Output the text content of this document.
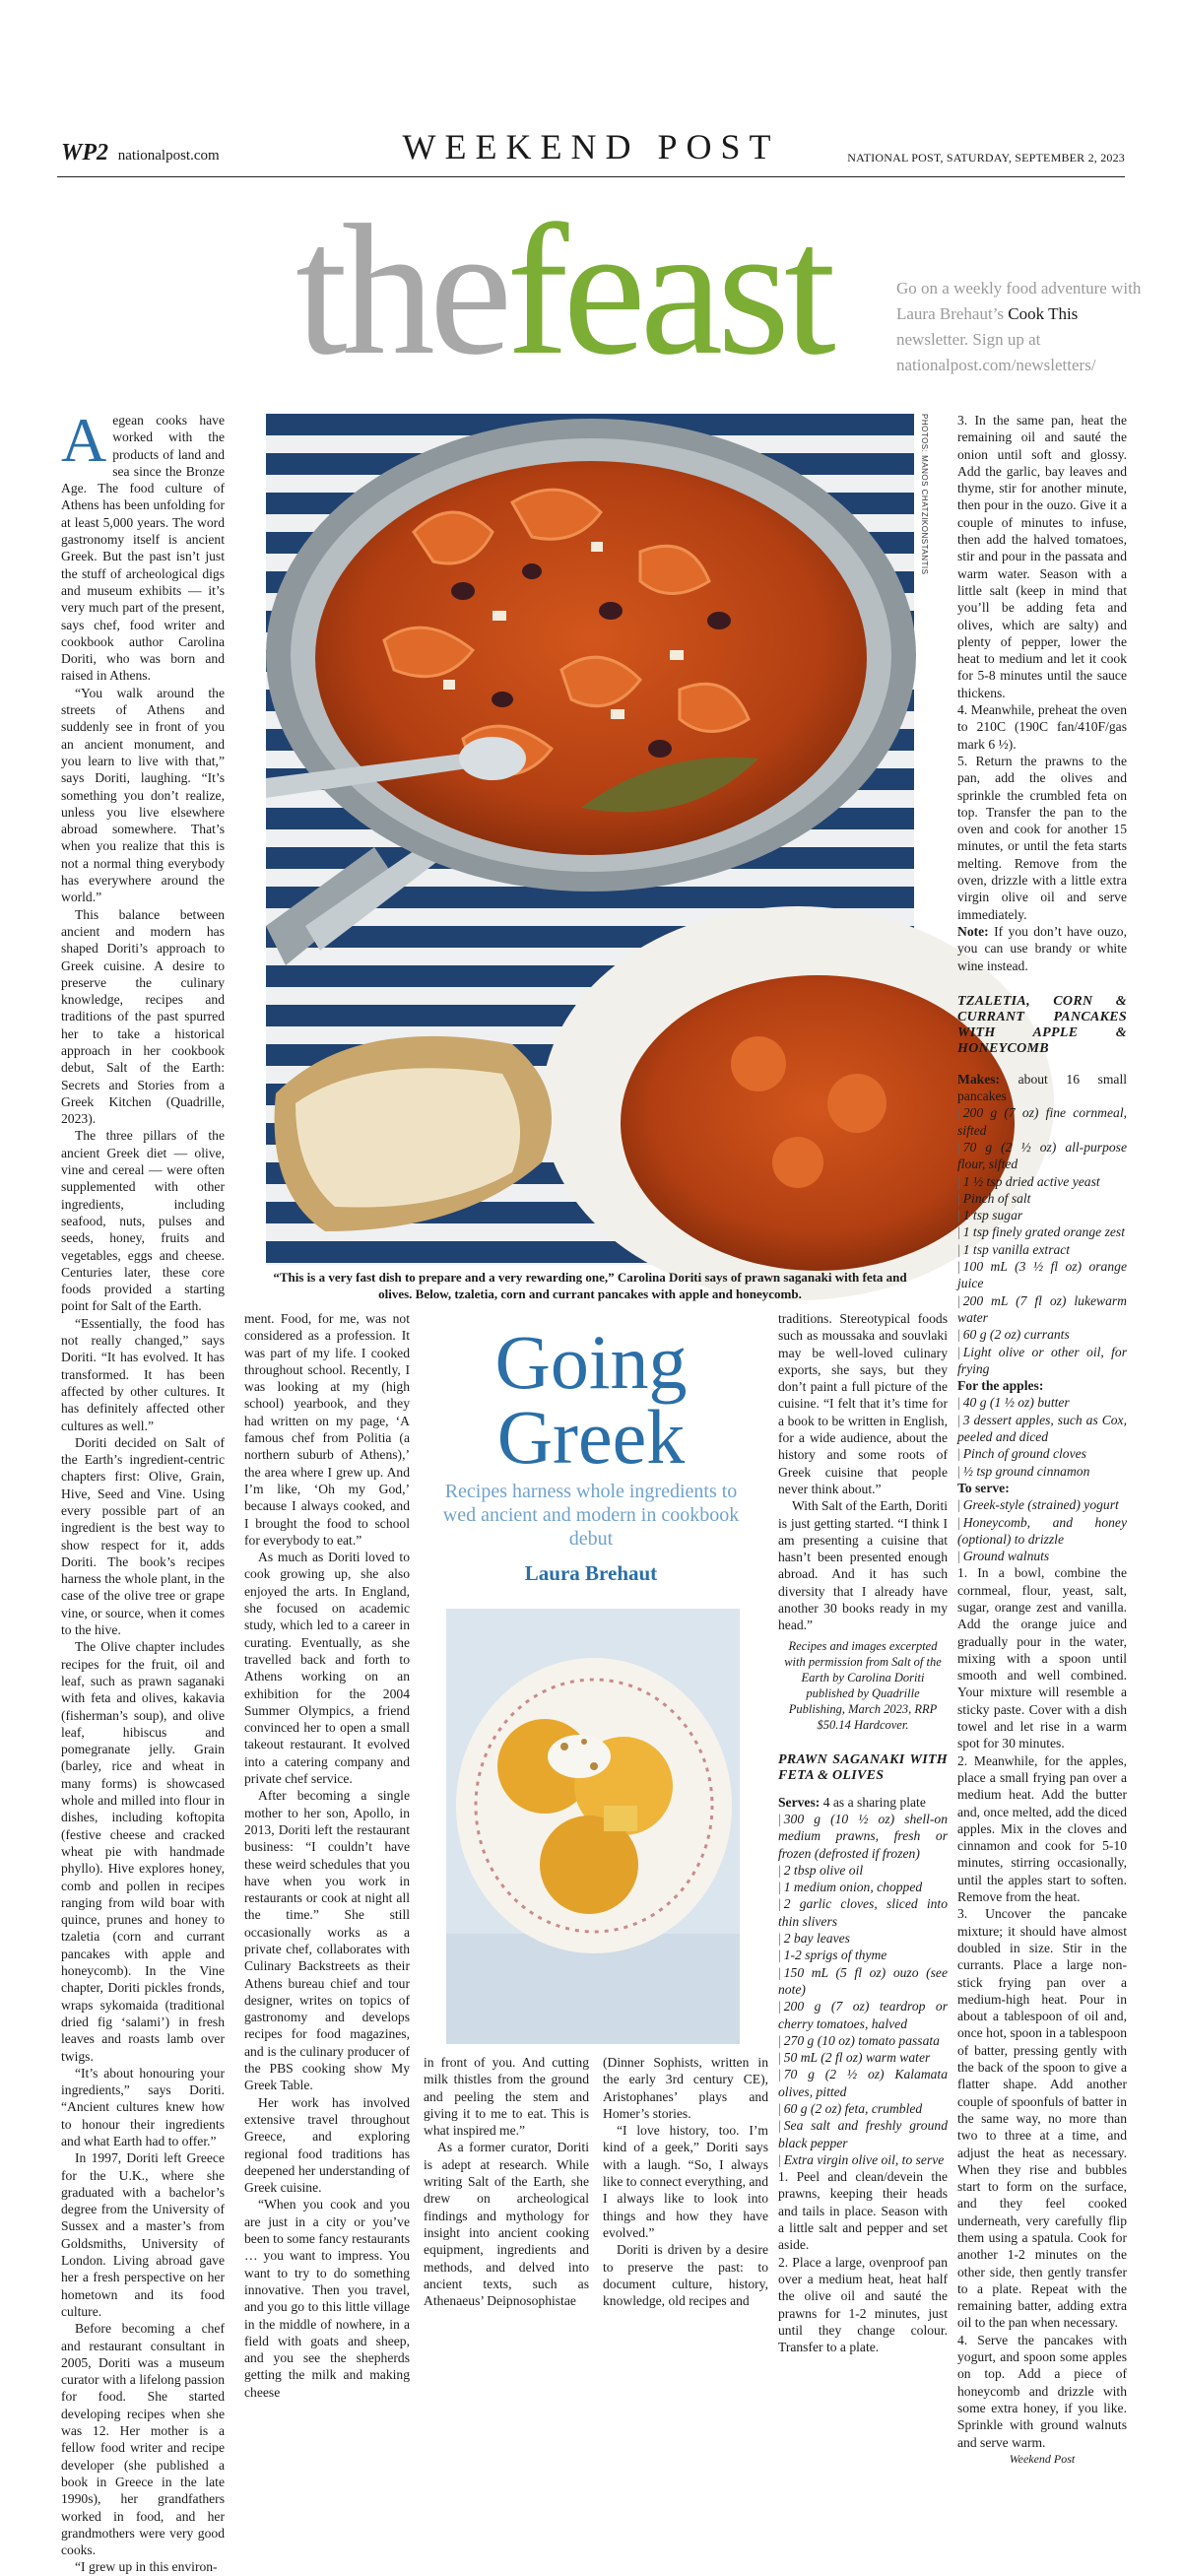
WP2 nationalpost.com	WEEKEND POST	NATIONAL POST, SATURDAY, SEPTEMBER 2, 2023
thefeast	Go on a weekly food adventure with Laura Brehaut’s Cook This newsletter. Sign up at nationalpost.com/newsletters/
PHOTOS: MANOS CHATZIKONSTANTIS
“This is a very fast dish to prepare and a very rewarding one,” Carolina Doriti says of prawn saganaki with feta and olives. Below, tzaletia, corn and currant pancakes with apple and honeycomb.
Going Greek
Recipes harness whole ingredients to wed ancient and modern in cookbook debut
Laura Brehaut

Aegean cooks have worked with the products of land and sea since the Bronze Age. The food culture of Athens has been unfolding for at least 5,000 years. The word gastronomy itself is ancient Greek. But the past isn’t just the stuff of archeological digs and museum exhibits — it’s very much part of the present, says chef, food writer and cookbook author Carolina Doriti, who was born and raised in Athens.

“You walk around the streets of Athens and suddenly see in front of you an ancient monument, and you learn to live with that,” says Doriti, laughing. “It’s something you don’t realize, unless you live elsewhere abroad somewhere. That’s when you realize that this is not a normal thing everybody has everywhere around the world.”

This balance between ancient and modern has shaped Doriti’s approach to Greek cuisine. A desire to preserve the culinary knowledge, recipes and traditions of the past spurred her to take a historical approach in her cookbook debut, Salt of the Earth: Secrets and Stories from a Greek Kitchen (Quadrille, 2023).

The three pillars of the ancient Greek diet — olive, vine and cereal — were often supplemented with other ingredients, including seafood, nuts, pulses and seeds, honey, fruits and vegetables, eggs and cheese. Centuries later, these core foods provided a starting point for Salt of the Earth.

“Essentially, the food has not really changed,” says Doriti. “It has evolved. It has transformed. It has been affected by other cultures. It has definitely affected other cultures as well.”

Doriti decided on Salt of the Earth’s ingredient-centric chapters first: Olive, Grain, Hive, Seed and Vine. Using every possible part of an ingredient is the best way to show respect for it, adds Doriti. The book’s recipes harness the whole plant, in the case of the olive tree or grape vine, or source, when it comes to the hive.

The Olive chapter includes recipes for the fruit, oil and leaf, such as prawn saganaki with feta and olives, kakavia (fisherman’s soup), and olive leaf, hibiscus and pomegranate jelly. Grain (barley, rice and wheat in many forms) is showcased whole and milled into flour in dishes, including koftopita (festive cheese and cracked wheat pie with handmade phyllo). Hive explores honey, comb and pollen in recipes ranging from wild boar with quince, prunes and honey to tzaletia (corn and currant pancakes with apple and honeycomb). In the Vine chapter, Doriti pickles fronds, wraps sykomaida (traditional dried fig ‘salami’) in fresh leaves and roasts lamb over twigs.

“It’s about honouring your ingredients,” says Doriti. “Ancient cultures knew how to honour their ingredients and what Earth had to offer.”

In 1997, Doriti left Greece for the U.K., where she graduated with a bachelor’s degree from the University of Sussex and a master’s from Goldsmiths, University of London. Living abroad gave her a fresh perspective on her hometown and its food culture.

Before becoming a chef and restaurant consultant in 2005, Doriti was a museum curator with a lifelong passion for food. She started developing recipes when she was 12. Her mother is a fellow food writer and recipe developer (she published a book in Greece in the late 1990s), her grandfathers worked in food, and her grandmothers were very good cooks.

“I grew up in this environ-

ment. Food, for me, was not considered as a profession. It was part of my life. I cooked throughout school. Recently, I was looking at my (high school) yearbook, and they had written on my page, ‘A famous chef from Politia (a northern suburb of Athens),’ the area where I grew up. And I’m like, ‘Oh my God,’ because I always cooked, and I brought the food to school for everybody to eat.”

As much as Doriti loved to cook growing up, she also enjoyed the arts. In England, she focused on academic study, which led to a career in curating. Eventually, as she travelled back and forth to Athens working on an exhibition for the 2004 Summer Olympics, a friend convinced her to open a small takeout restaurant. It evolved into a catering company and private chef service.

After becoming a single mother to her son, Apollo, in 2013, Doriti left the restaurant business: “I couldn’t have these weird schedules that you have when you work in restaurants or cook at night all the time.” She still occasionally works as a private chef, collaborates with Culinary Backstreets as their Athens bureau chief and tour designer, writes on topics of gastronomy and develops recipes for food magazines, and is the culinary producer of the PBS cooking show My Greek Table.

Her work has involved extensive travel throughout Greece, and exploring regional food traditions has deepened her understanding of Greek cuisine.

“When you cook and you are just in a city or you’ve been to some fancy restaurants … you want to impress. You want to try to do something innovative. Then you travel, and you go to this little village in the middle of nowhere, in a field with goats and sheep, and you see the shepherds getting the milk and making cheese

in front of you. And cutting milk thistles from the ground and peeling the stem and giving it to me to eat. This is what inspired me.”

As a former curator, Doriti is adept at research. While writing Salt of the Earth, she drew on archeological findings and mythology for insight into ancient cooking equipment, ingredients and methods, and delved into ancient texts, such as Athenaeus’ Deipnosophistae

(Dinner Sophists, written in the early 3rd century CE), Aristophanes’ plays and Homer’s stories.

“I love history, too. I’m kind of a geek,” Doriti says with a laugh. “So, I always like to connect everything, and I always like to look into things and how they have evolved.”

Doriti is driven by a desire to preserve the past: to document culture, history, knowledge, old recipes and

traditions. Stereotypical foods such as moussaka and souvlaki may be well-loved culinary exports, she says, but they don’t paint a full picture of the cuisine. “I felt that it’s time for a book to be written in English, for a wide audience, about the history and some roots of Greek cuisine that people never think about.”

With Salt of the Earth, Doriti is just getting started. “I think I am presenting a cuisine that hasn’t been presented enough abroad. And it has such diversity that I already have another 30 books ready in my head.”

Recipes and images excerpted with permission from Salt of the Earth by Carolina Doriti published by Quadrille Publishing, March 2023, RRP $50.14 Hardcover.

PRAWN SAGANAKI WITH FETA & OLIVES

Serves: 4 as a sharing plate

| 300 g (10 ½ oz) shell-on medium prawns, fresh or frozen (defrosted if frozen)

| 2 tbsp olive oil

| 1 medium onion, chopped

| 2 garlic cloves, sliced into thin slivers

| 2 bay leaves

| 1-2 sprigs of thyme

| 150 mL (5 fl oz) ouzo (see note)

| 200 g (7 oz) teardrop or cherry tomatoes, halved

| 270 g (10 oz) tomato passata

| 50 mL (2 fl oz) warm water

| 70 g (2 ½ oz) Kalamata olives, pitted

| 60 g (2 oz) feta, crumbled

| Sea salt and freshly ground black pepper

| Extra virgin olive oil, to serve

1. Peel and clean/devein the prawns, keeping their heads and tails in place. Season with a little salt and pepper and set aside.

2. Place a large, ovenproof pan over a medium heat, heat half the olive oil and sauté the prawns for 1-2 minutes, just until they change colour. Transfer to a plate.

3. In the same pan, heat the remaining oil and sauté the onion until soft and glossy. Add the garlic, bay leaves and thyme, stir for another minute, then pour in the ouzo. Give it a couple of minutes to infuse, then add the halved tomatoes, stir and pour in the passata and warm water. Season with a little salt (keep in mind that you’ll be adding feta and olives, which are salty) and plenty of pepper, lower the heat to medium and let it cook for 5-8 minutes until the sauce thickens.

4. Meanwhile, preheat the oven to 210C (190C fan/410F/gas mark 6 ½).

5. Return the prawns to the pan, add the olives and sprinkle the crumbled feta on top. Transfer the pan to the oven and cook for another 15 minutes, or until the feta starts melting. Remove from the oven, drizzle with a little extra virgin olive oil and serve immediately.

Note: If you don’t have ouzo, you can use brandy or white wine instead.

TZALETIA, CORN & CURRANT PANCAKES WITH APPLE & HONEYCOMB

Makes: about 16 small pancakes

| 200 g (7 oz) fine cornmeal, sifted

| 70 g (2 ½ oz) all-purpose flour, sifted

| 1 ½ tsp dried active yeast

| Pinch of salt

| 1 tsp sugar

| 1 tsp finely grated orange zest

| 1 tsp vanilla extract

| 100 mL (3 ½ fl oz) orange juice

| 200 mL (7 fl oz) lukewarm water

| 60 g (2 oz) currants

| Light olive or other oil, for frying

For the apples:

| 40 g (1 ½ oz) butter

| 3 dessert apples, such as Cox, peeled and diced

| Pinch of ground cloves

| ½ tsp ground cinnamon

To serve:

| Greek-style (strained) yogurt

| Honeycomb, and honey (optional) to drizzle

| Ground walnuts

1. In a bowl, combine the cornmeal, flour, yeast, salt, sugar, orange zest and vanilla. Add the orange juice and gradually pour in the water, mixing with a spoon until smooth and well combined. Your mixture will resemble a sticky paste. Cover with a dish towel and let rise in a warm spot for 30 minutes.

2. Meanwhile, for the apples, place a small frying pan over a medium heat. Add the butter and, once melted, add the diced apples. Mix in the cloves and cinnamon and cook for 5-10 minutes, stirring occasionally, until the apples start to soften. Remove from the heat.

3. Uncover the pancake mixture; it should have almost doubled in size. Stir in the currants. Place a large non-stick frying pan over a medium-high heat. Pour in about a tablespoon of oil and, once hot, spoon in a tablespoon of batter, pressing gently with the back of the spoon to give a flatter shape. Add another couple of spoonfuls of batter in the same way, no more than two to three at a time, and adjust the heat as necessary. When they rise and bubbles start to form on the surface, and they feel cooked underneath, very carefully flip them using a spatula. Cook for another 1-2 minutes on the other side, then gently transfer to a plate. Repeat with the remaining batter, adding extra oil to the pan when necessary.

4. Serve the pancakes with yogurt, and spoon some apples on top. Add a piece of honeycomb and drizzle with some extra honey, if you like. Sprinkle with ground walnuts and serve warm.

Weekend Post
